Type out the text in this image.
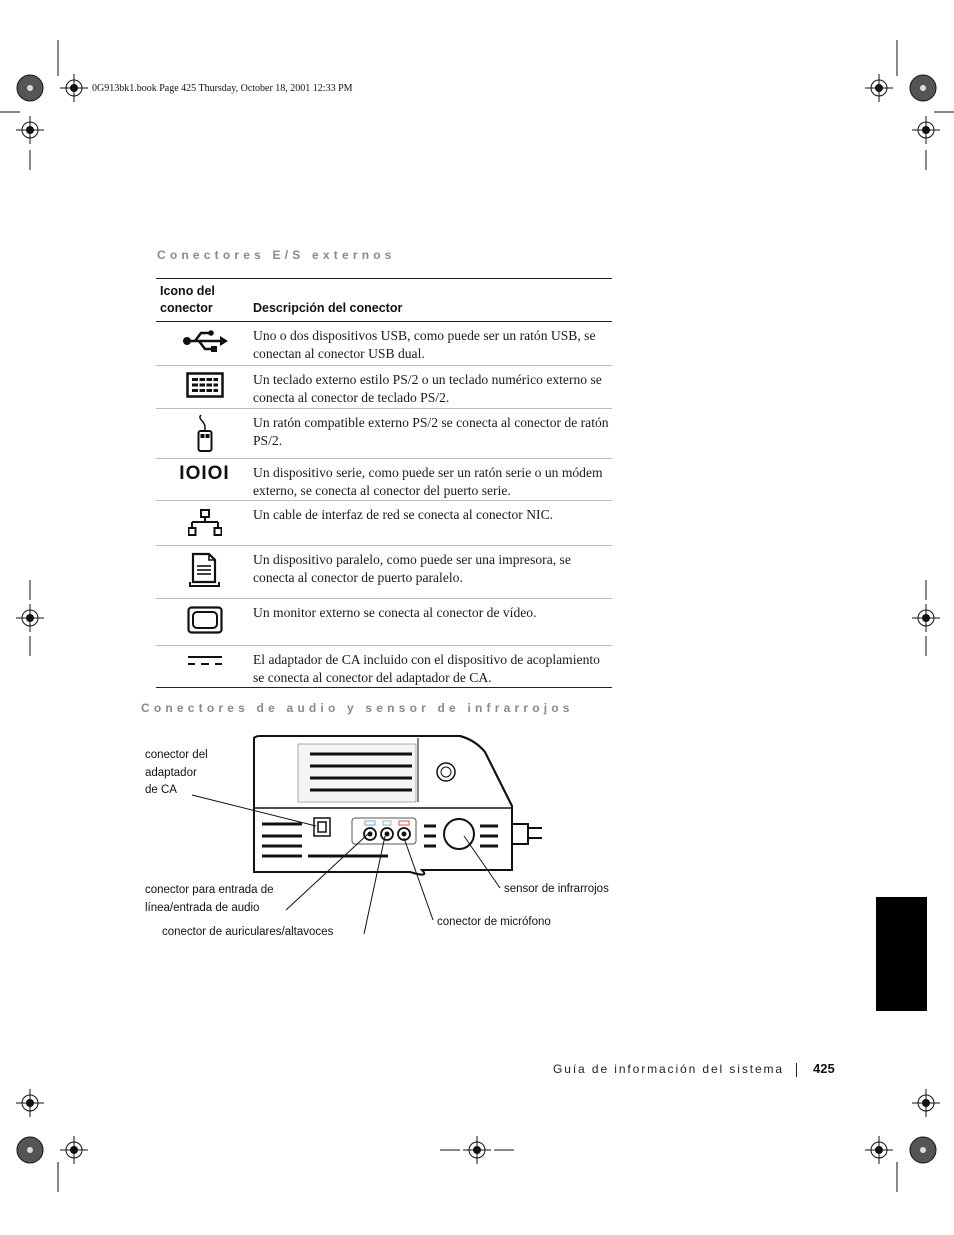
0G913bk1.book Page 425 Thursday, October 18, 2001 12:33 PM
Conectores E/S externos
Icono del
conector	Descripción del conector
Uno o dos dispositivos USB, como puede ser un ratón USB, se conectan al conector USB dual.
Un teclado externo estilo PS/2 o un teclado numérico externo se conecta al conector de teclado PS/2.
Un ratón compatible externo PS/2 se conecta al conector de ratón PS/2.
IOIOI Un dispositivo serie, como puede ser un ratón serie o un módem externo, se conecta al conector del puerto serie.
Un cable de interfaz de red se conecta al conector NIC.
Un dispositivo paralelo, como puede ser una impresora, se conecta al conector de puerto paralelo.
Un monitor externo se conecta al conector de vídeo.
El adaptador de CA incluido con el dispositivo de acoplamiento se conecta al conector del adaptador de CA.
Conectores de audio y sensor de infrarrojos
conector del
adaptador
de CA
conector para entrada de
línea/entrada de audio
conector de auriculares/altavoces
conector de micrófono
sensor de infrarrojos
Guía de información del sistema 425
